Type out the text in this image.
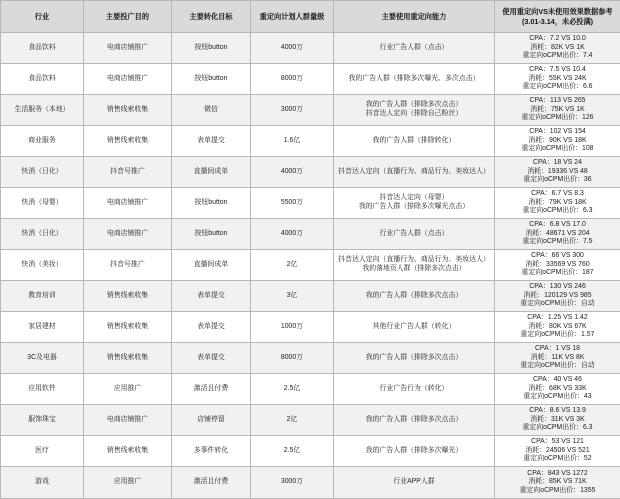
行业	主要投广目的	主要转化目标	重定向计划人群量级	主要使用重定向能力	使用重定向VS未使用效果数据参考
(3.01-3.14，未必投满)

食品饮料	电商店铺推广	按钮button	4000万	行业广告人群（点击）	CPA：7.2 VS 10.0
消耗：82K VS 1K
重定向oCPM出价：7.4

食品饮料	电商店铺推广	按钮button	8000万	我的广告人群（排除多次曝光、多次点击）	CPA：7.5 VS 10.4
消耗：55K VS 24K
重定向oCPM出价：6.6

生活服务（本地）	销售线索收集	微信	3000万	我的广告人群（排除多次点击）
抖音达人定向（排除自己粉丝）	CPA：113 VS 265
消耗：75K VS 1K
重定向oCPM出价：126

商业服务	销售线索收集	表单提交	1.6亿	我的广告人群（排除转化）	CPA：102 VS 154
消耗：90K VS 18K
重定向oCPM出价：108

快消（日化）	抖音号推广	直播间成单	4000万	抖音达人定向（直播行为、商品行为、美妆达人）	CPA：18 VS 24
消耗：19336 VS 48
重定向oCPM出价：36

快消（母婴）	电商店铺推广	按钮button	5500万	抖音达人定向（母婴）
我的广告人群（排除多次曝光点击）	CPA：6.7 VS 8.3
消耗：79K VS 18K
重定向oCPM出价：6.3

快消（日化）	电商店铺推广	按钮button	4000万	行业广告人群（点击）	CPA：6.8 VS 17.0
消耗：48671 VS 204
重定向oCPM出价：7.5

快消（美妆）	抖音号推广	直播间成单	2亿	抖音达人定向（直播行为、商品行为、美妆达人）
我的落地页人群（排除多次点击）	CPA：66 VS 300
消耗：33569 VS 760
重定向oCPM出价：187

教育培训	销售线索收集	表单提交	3亿	我的广告人群（排除多次点击）	CPA：130 VS 246
消耗：120129 VS 985
重定向oCPM出价：自动

家居建材	销售线索收集	表单提交	1000万	其他行业广告人群（转化）	CPA：1.25 VS 1.42
消耗：80K VS 67K
重定向oCPM出价：1.57

3C及电器	销售线索收集	表单提交	8000万	我的广告人群（排除多次点击）	CPA：1 VS 18
消耗：11K VS 8K
重定向oCPM出价：自动

应用软件	应用推广	激活且付费	2.5亿	行业广告行为（转化）	CPA：40 VS 46
消耗：68K VS 33K
重定向oCPM出价：43

服饰珠宝	电商店铺推广	店铺停留	2亿	我的广告人群（排除多次点击）	CPA：8.6 VS 13.9
消耗：31K VS 3K
重定向oCPM出价：6.3

医疗	销售线索收集	多事件转化	2.5亿	我的广告人群（排除多次曝光）	CPA：53 VS 121
消耗：24506 VS 521
重定向oCPM出价：52

游戏	应用推广	激活且付费	3000万	行业APP人群	CPA：843 VS 1272
消耗：85K VS 71K
重定向oCPM出价：1355
